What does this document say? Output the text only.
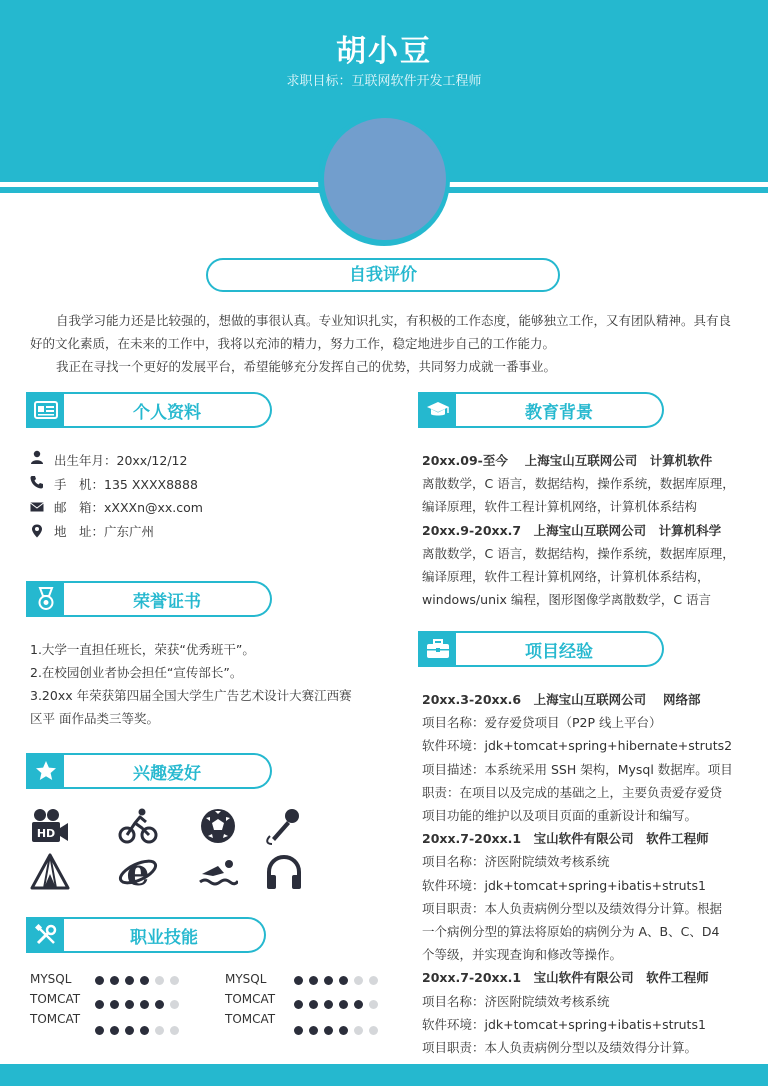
胡小豆
求职目标：互联网软件开发工程师
自我评价
自我学习能力还是比较强的，想做的事很认真。专业知识扎实，有积极的工作态度，能够独立工作，又有团队精神。具有良好的文化素质，在未来的工作中，我将以充沛的精力，努力工作，稳定地进步自己的工作能力。
我正在寻找一个更好的发展平台，希望能够充分发挥自己的优势，共同努力成就一番事业。
个人资料
出生年月：20xx/12/12
手　机：135 XXXX8888
邮　箱：xXXXn@xx.com
地　址：广东广州
荣誉证书
1.大学一直担任班长，荣获“优秀班干”。
2.在校园创业者协会担任“宣传部长”。
3.20xx 年荣获第四届全国大学生广告艺术设计大赛江西赛
区平 面作品类三等奖。
兴趣爱好
HD
e
职业技能
MYSQL
TOMCAT
TOMCAT
MYSQL
TOMCAT
TOMCAT
教育背景
20xx.09-至今　 上海宝山互联网公司　计算机软件
离散数学，C 语言，数据结构，操作系统，数据库原理，
编译原理，软件工程计算机网络，计算机体系结构
20xx.9-20xx.7　上海宝山互联网公司　计算机科学
离散数学，C 语言，数据结构，操作系统，数据库原理，
编译原理，软件工程计算机网络，计算机体系结构，
windows/unix 编程，图形图像学离散数学，C 语言
项目经验
20xx.3-20xx.6　上海宝山互联网公司　 网络部
项目名称：爱存爱贷项目（P2P 线上平台）
软件环境：jdk+tomcat+spring+hibernate+struts2
项目描述：本系统采用 SSH 架构，Mysql 数据库。项目
职责：在项目以及完成的基础之上，主要负责爱存爱贷
项目功能的维护以及项目页面的重新设计和编写。
20xx.7-20xx.1　宝山软件有限公司　软件工程师
项目名称：济医附院绩效考核系统
软件环境：jdk+tomcat+spring+ibatis+struts1
项目职责：本人负责病例分型以及绩效得分计算。根据
一个病例分型的算法将原始的病例分为 A、B、C、D4
个等级，并实现查询和修改等操作。
20xx.7-20xx.1　宝山软件有限公司　软件工程师
项目名称：济医附院绩效考核系统
软件环境：jdk+tomcat+spring+ibatis+struts1
项目职责：本人负责病例分型以及绩效得分计算。
